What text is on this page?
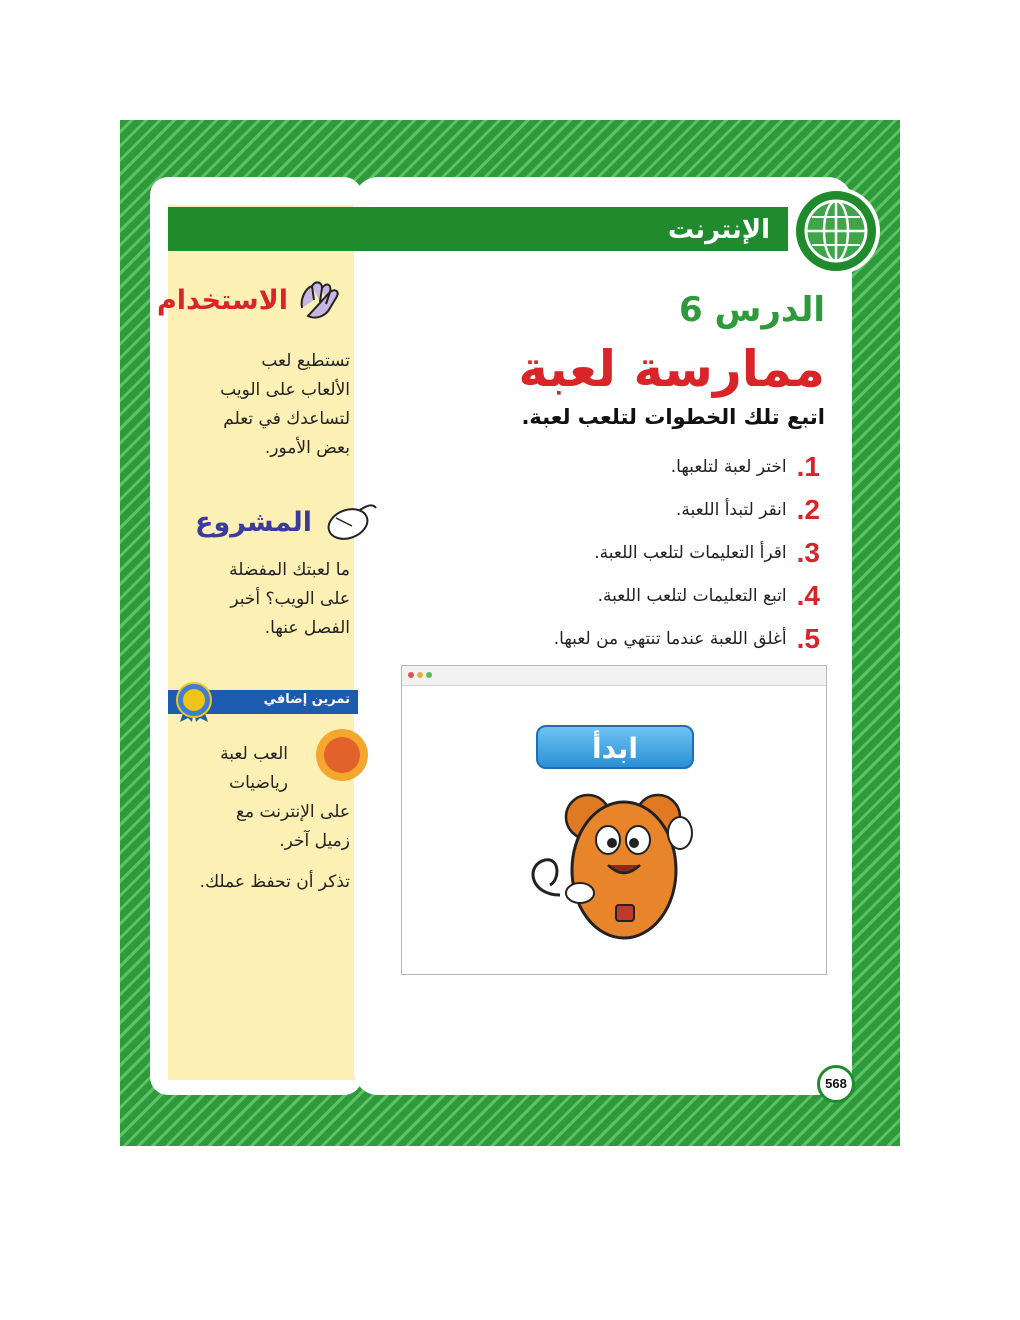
الإنترنت
الدرس 6
ممارسة لعبة
اتبع تلك الخطوات لتلعب لعبة.
1.
اختر لعبة لتلعبها.
2.
انقر لتبدأ اللعبة.
3.
اقرأ التعليمات لتلعب اللعبة.
4.
اتبع التعليمات لتلعب اللعبة.
5.
أغلق اللعبة عندما تنتهي من لعبها.
ابدأ
الاستخدام
تستطيع لعب
الألعاب على الويب
لتساعدك في تعلم
بعض الأمور.
المشروع
ما لعبتك المفضلة
على الويب؟ أخبر
الفصل عنها.
تمرين إضافي
العب لعبة
رياضيات
على الإنترنت مع
زميل آخر.
تذكر أن تحفظ عملك.
568
